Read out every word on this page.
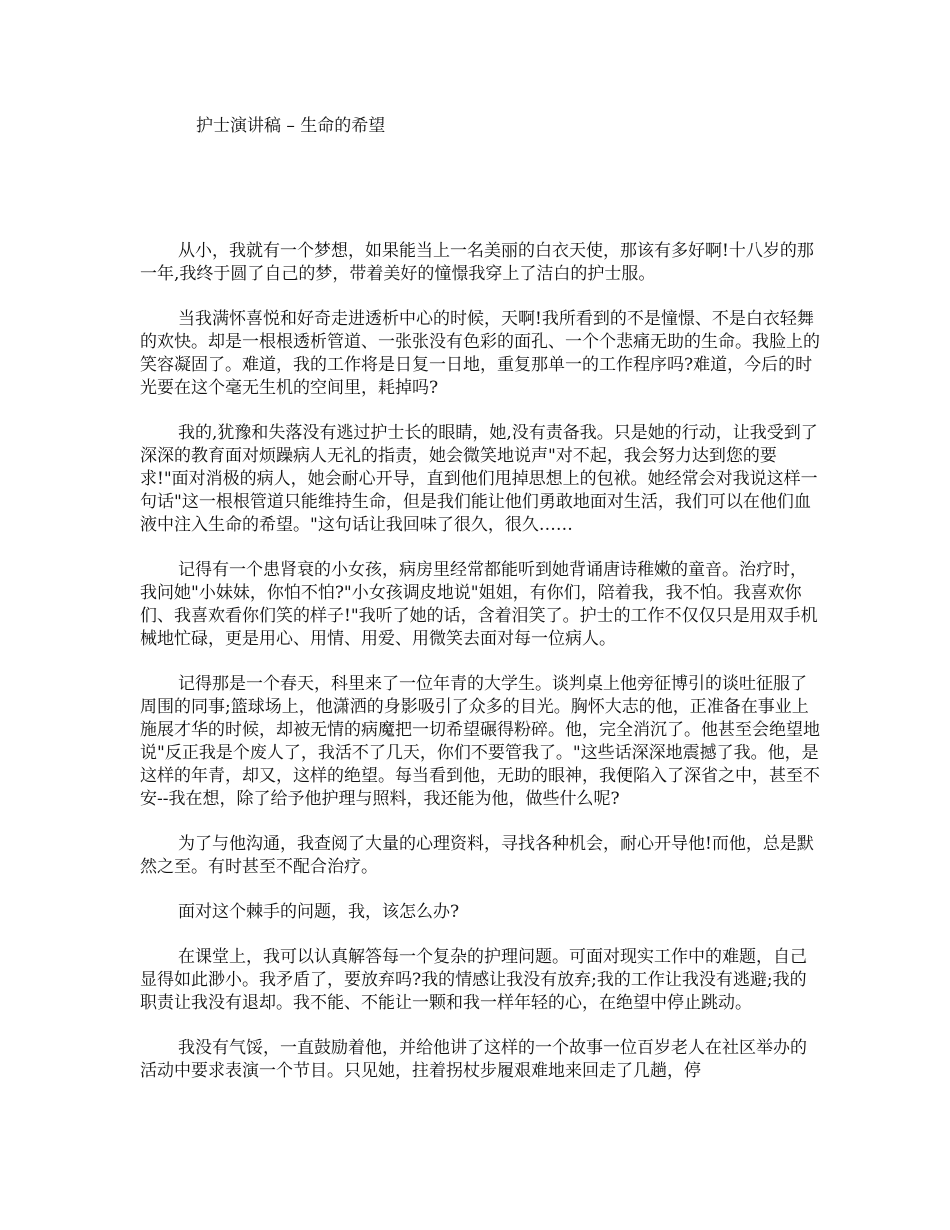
护士演讲稿 – 生命的希望

从小，我就有一个梦想，如果能当上一名美丽的白衣天使，那该有多好啊!十八岁的那一年,我终于圆了自己的梦，带着美好的憧憬我穿上了洁白的护士服。

当我满怀喜悦和好奇走进透析中心的时候，天啊!我所看到的不是憧憬、不是白衣轻舞的欢快。却是一根根透析管道、一张张没有色彩的面孔、一个个悲痛无助的生命。我脸上的笑容凝固了。难道，我的工作将是日复一日地，重复那单一的工作程序吗?难道，今后的时光要在这个毫无生机的空间里，耗掉吗?

我的,犹豫和失落没有逃过护士长的眼睛，她,没有责备我。只是她的行动，让我受到了深深的教育面对烦躁病人无礼的指责，她会微笑地说声"对不起，我会努力达到您的要求!"面对消极的病人，她会耐心开导，直到他们甩掉思想上的包袱。她经常会对我说这样一句话"这一根根管道只能维持生命，但是我们能让他们勇敢地面对生活，我们可以在他们血液中注入生命的希望。"这句话让我回味了很久，很久……

记得有一个患肾衰的小女孩，病房里经常都能听到她背诵唐诗稚嫩的童音。治疗时，我问她"小妹妹，你怕不怕?"小女孩调皮地说"姐姐，有你们，陪着我，我不怕。我喜欢你们、我喜欢看你们笑的样子!"我听了她的话，含着泪笑了。护士的工作不仅仅只是用双手机械地忙碌，更是用心、用情、用爱、用微笑去面对每一位病人。

记得那是一个春天，科里来了一位年青的大学生。谈判桌上他旁征博引的谈吐征服了周围的同事;篮球场上，他潇洒的身影吸引了众多的目光。胸怀大志的他，正准备在事业上施展才华的时候，却被无情的病魔把一切希望碾得粉碎。他，完全消沉了。他甚至会绝望地说"反正我是个废人了，我活不了几天，你们不要管我了。"这些话深深地震撼了我。他，是这样的年青，却又，这样的绝望。每当看到他，无助的眼神，我便陷入了深省之中，甚至不安--我在想，除了给予他护理与照料，我还能为他，做些什么呢?

为了与他沟通，我查阅了大量的心理资料，寻找各种机会，耐心开导他!而他，总是默然之至。有时甚至不配合治疗。

面对这个棘手的问题，我，该怎么办?

在课堂上，我可以认真解答每一个复杂的护理问题。可面对现实工作中的难题，自己显得如此渺小。我矛盾了，要放弃吗?我的情感让我没有放弃;我的工作让我没有逃避;我的职责让我没有退却。我不能、不能让一颗和我一样年轻的心，在绝望中停止跳动。

我没有气馁，一直鼓励着他，并给他讲了这样的一个故事一位百岁老人在社区举办的活动中要求表演一个节目。只见她，拄着拐杖步履艰难地来回走了几趟，停
